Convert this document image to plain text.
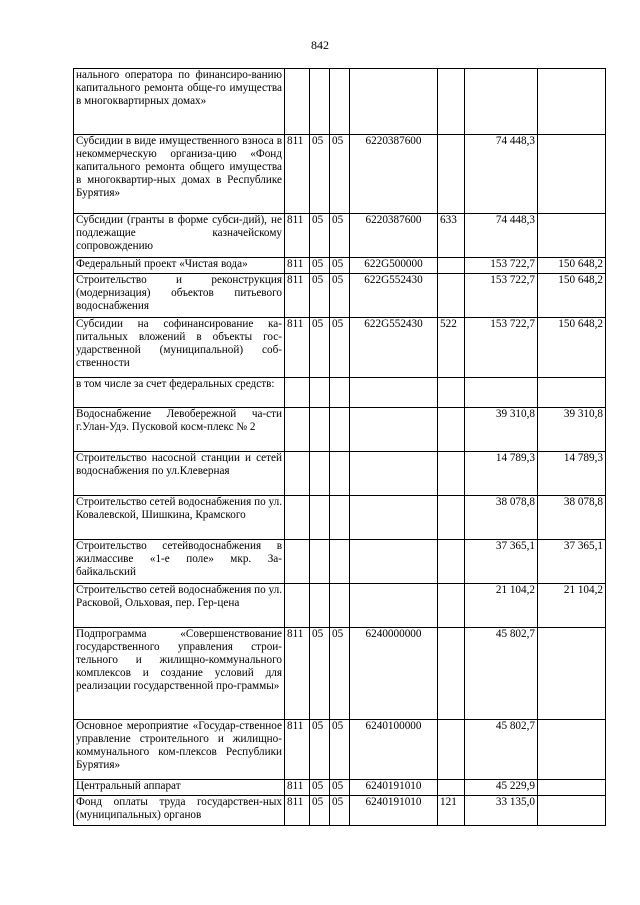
842
нального оператора по финансиро-ванию капитального ремонта обще-го имущества в многоквартирных домах»							
Субсидии в виде имущественного взноса в некоммерческую организа-цию «Фонд капитального ремонта общего имущества в многоквартир-ных домах в Республике Бурятия»	811	05	05	6220387600		74 448,3	
Субсидии (гранты в форме субси-дий), не подлежащие казначейскому сопровождению	811	05	05	6220387600	633	74 448,3	
Федеральный проект «Чистая вода»	811	05	05	622G500000		153 722,7	150 648,2
Строительство и реконструкция (модернизация) объектов питьевого водоснабжения	811	05	05	622G552430		153 722,7	150 648,2
Субсидии на софинансирование ка-питальных вложений в объекты гос-ударственной (муниципальной) соб-ственности	811	05	05	622G552430	522	153 722,7	150 648,2
в том числе за счет федеральных средств:							
Водоснабжение Левобережной ча-сти г.Улан-Удэ. Пусковой косм-плекс № 2						39 310,8	39 310,8
Строительство насосной станции и сетей водоснабжения по ул.Клеверная						14 789,3	14 789,3
Строительство сетей водоснабжения по ул. Ковалевской, Шишкина, Крамского						38 078,8	38 078,8
Строительство сетейводоснабжения в жилмассиве «1-е поле» мкр. За-байкальский						37 365,1	37 365,1
Строительство сетей водоснабжения по ул. Расковой, Ольховая, пер. Гер-цена						21 104,2	21 104,2
Подпрограмма «Совершенствование государственного управления строи-тельного и жилищно-коммунального комплексов и создание условий для реализации государственной про-граммы»	811	05	05	6240000000		45 802,7	
Основное мероприятие «Государ-ственное управление строительного и жилищно-коммунального ком-плексов Республики Бурятия»	811	05	05	6240100000		45 802,7	
Центральный аппарат	811	05	05	6240191010		45 229,9	
Фонд оплаты труда государствен-ных (муниципальных) органов	811	05	05	6240191010	121	33 135,0	
